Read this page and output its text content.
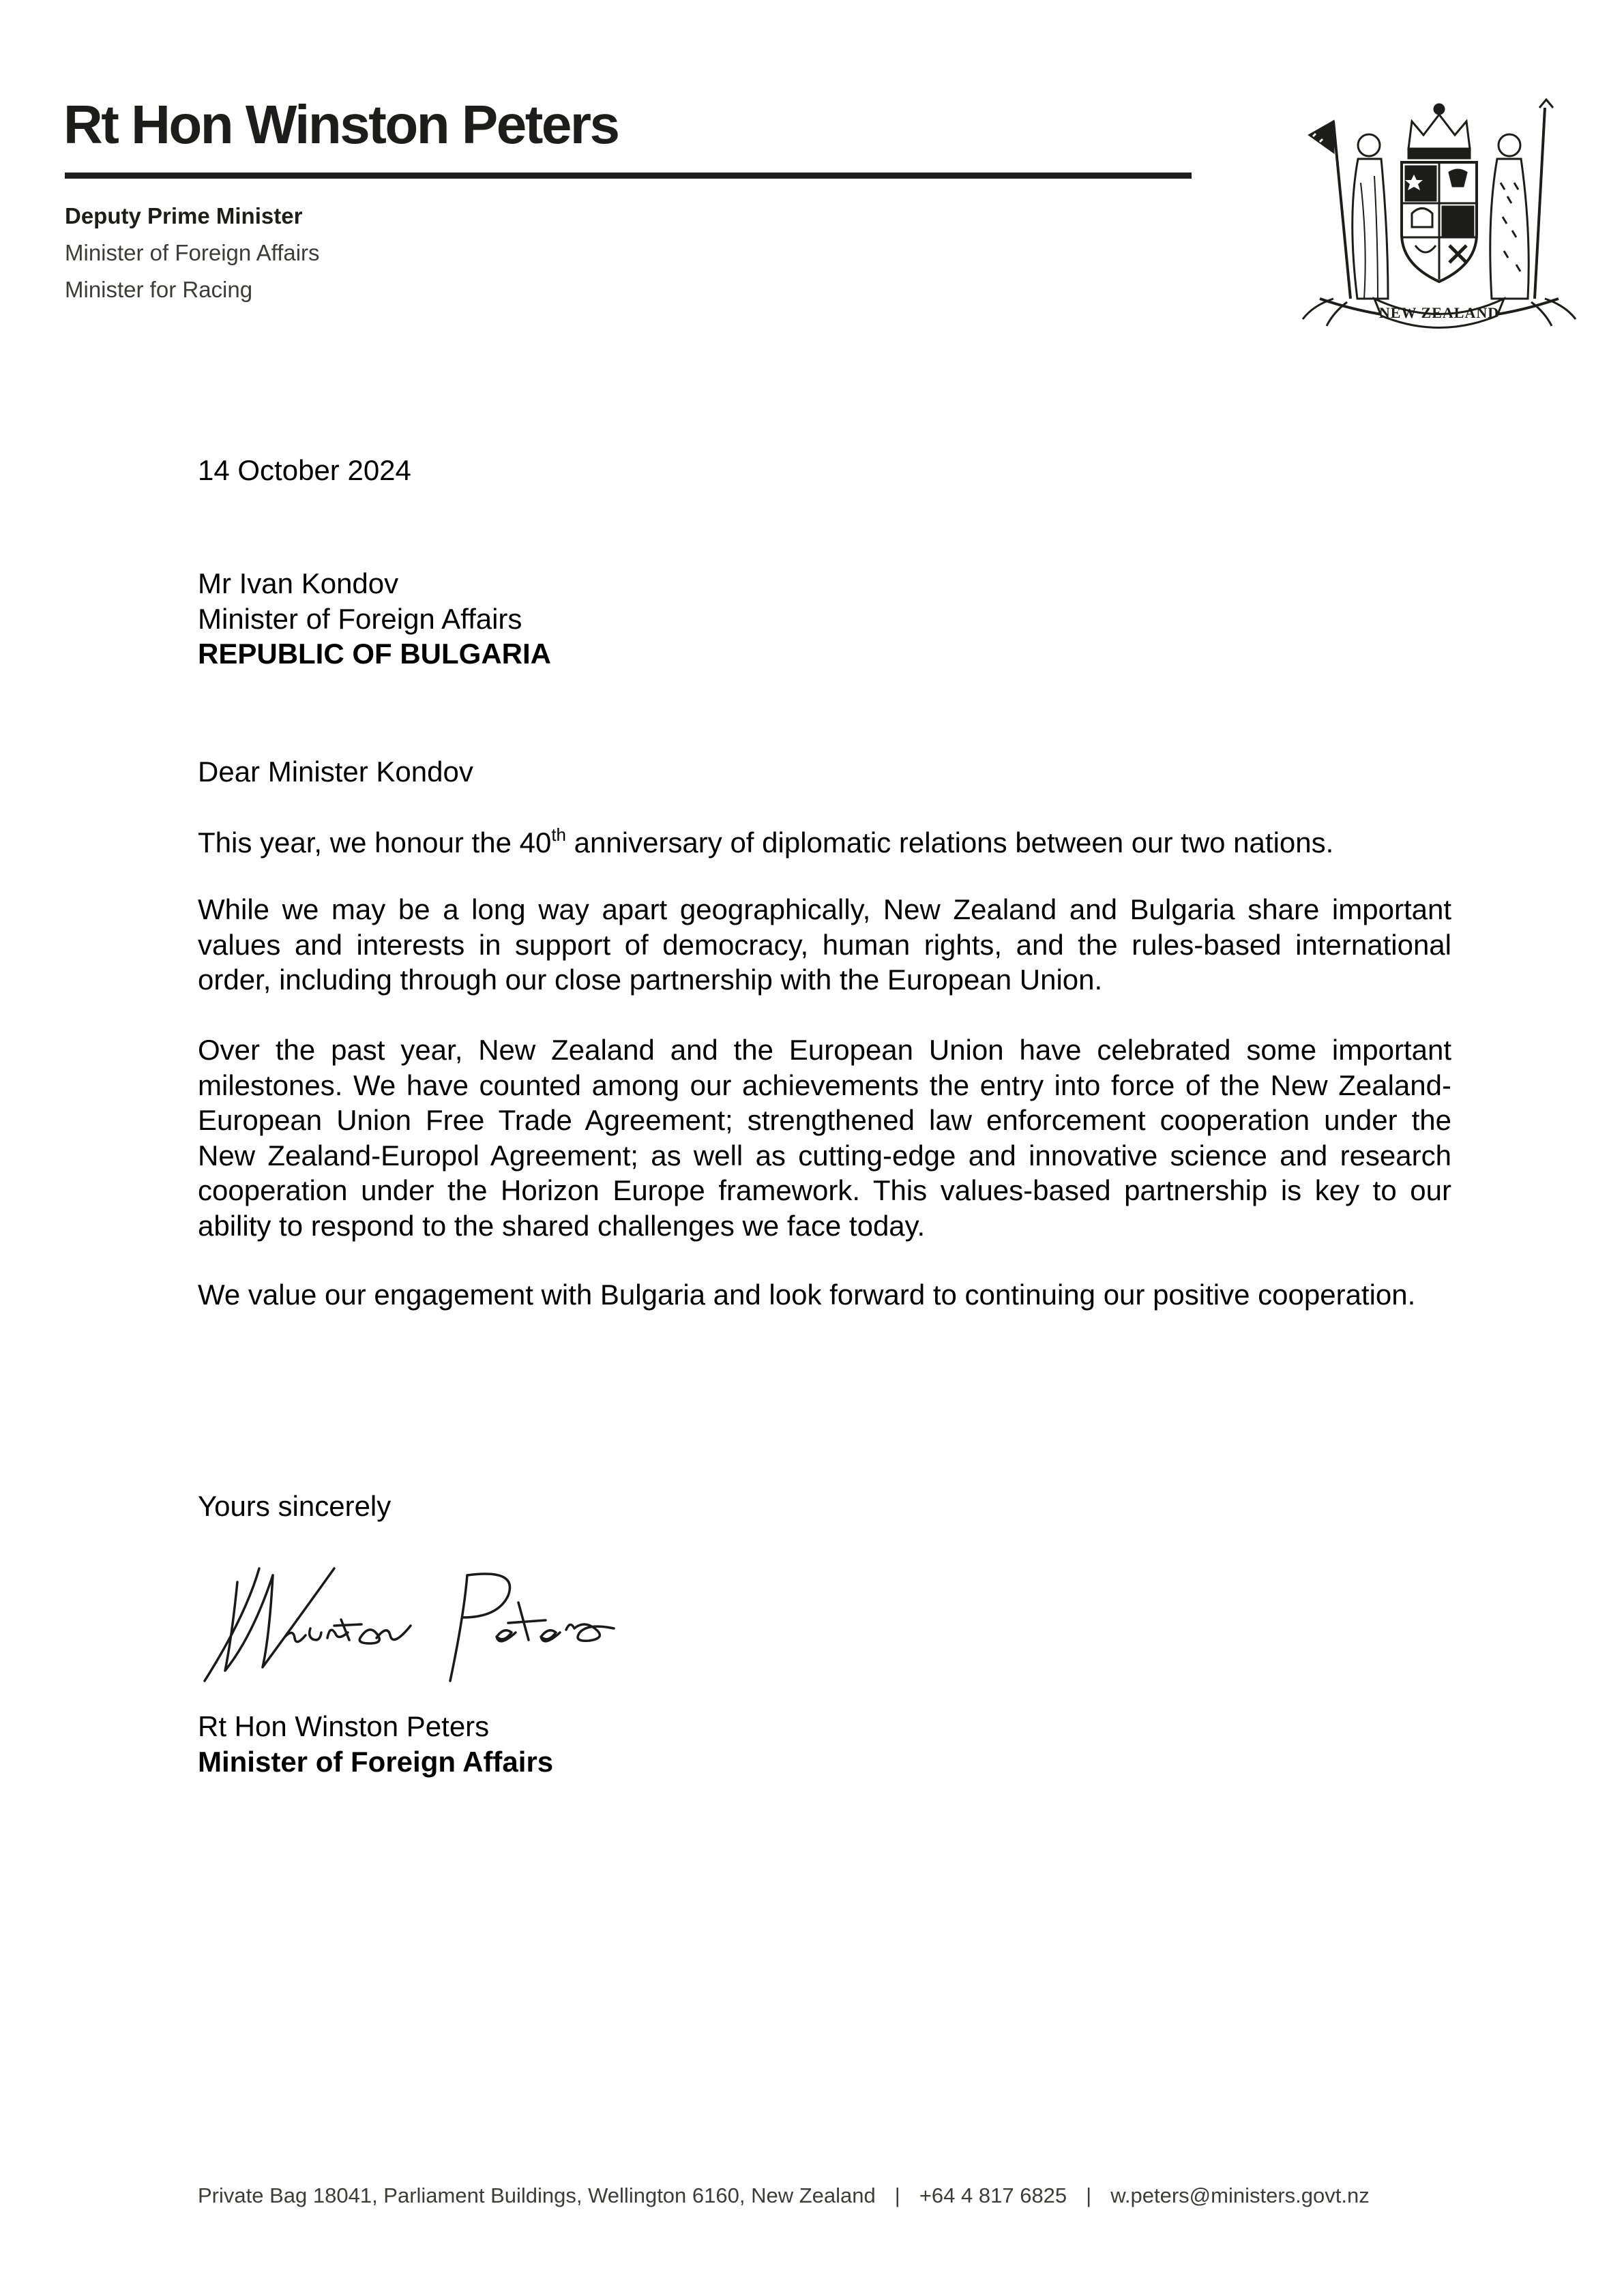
Rt Hon Winston Peters
Deputy Prime Minister
Minister of Foreign Affairs
Minister for Racing
NEW ZEALAND
14 October 2024
Mr Ivan Kondov
Minister of Foreign Affairs
REPUBLIC OF BULGARIA
Dear Minister Kondov
This year, we honour the 40th anniversary of diplomatic relations between our two nations.
While we may be a long way apart geographically, New Zealand and Bulgaria share important values and interests in support of democracy, human rights, and the rules-based international order, including through our close partnership with the European Union.
Over the past year, New Zealand and the European Union have celebrated some important milestones. We have counted among our achievements the entry into force of the New Zealand-European Union Free Trade Agreement; strengthened law enforcement cooperation under the New Zealand-Europol Agreement; as well as cutting-edge and innovative science and research cooperation under the Horizon Europe framework. This values-based partnership is key to our ability to respond to the shared challenges we face today.
We value our engagement with Bulgaria and look forward to continuing our positive cooperation.
Yours sincerely
Rt Hon Winston Peters
Minister of Foreign Affairs
Private Bag 18041, Parliament Buildings, Wellington 6160, New Zealand | +64 4 817 6825 | w.peters@ministers.govt.nz
